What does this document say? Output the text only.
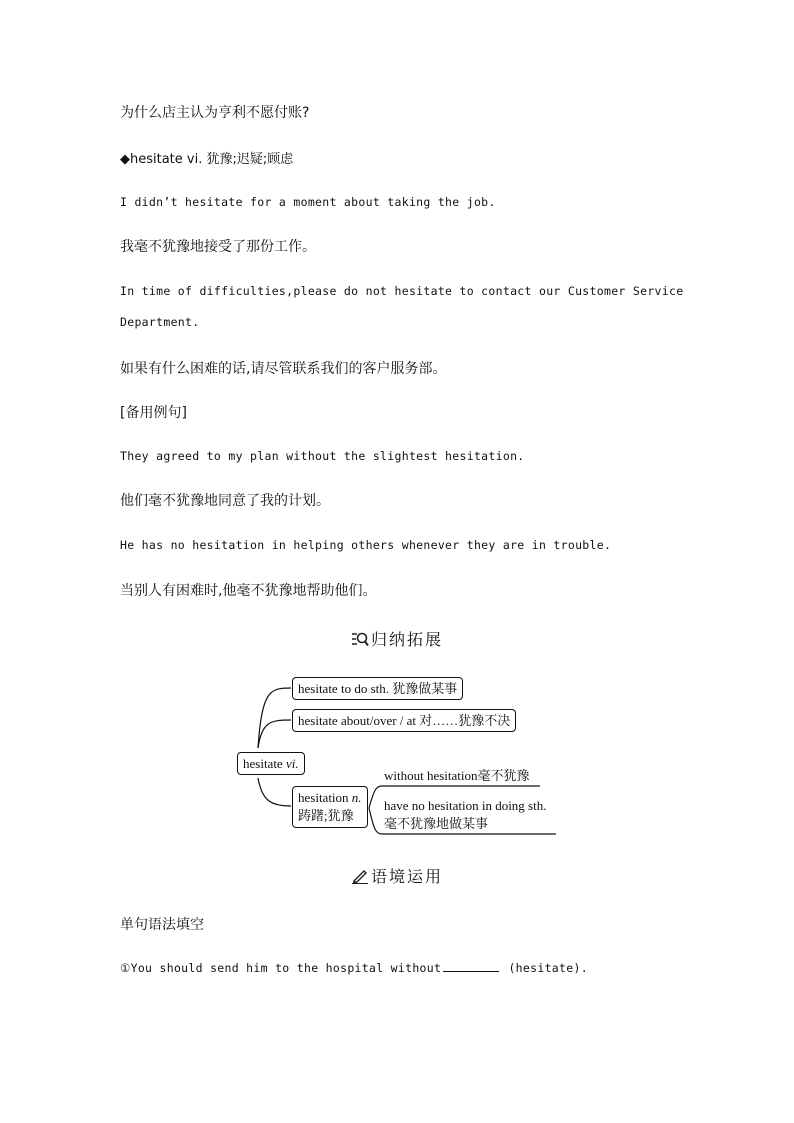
为什么店主认为亨利不愿付账?
◆hesitate vi. 犹豫;迟疑;顾虑
I didn’t hesitate for a moment about taking the job.
我毫不犹豫地接受了那份工作。
In time of difficulties,please do not hesitate to contact our Customer Service
Department.
如果有什么困难的话,请尽管联系我们的客户服务部。
[备用例句]
They agreed to my plan without the slightest hesitation.
他们毫不犹豫地同意了我的计划。
He has no hesitation in helping others whenever they are in trouble.
当别人有困难时,他毫不犹豫地帮助他们。
归纳拓展
hesitate vi.
hesitate to do sth. 犹豫做某事
hesitate about/over / at 对……犹豫不决
hesitation n.
踌躇;犹豫
without hesitation毫不犹豫
have no hesitation in doing sth.
毫不犹豫地做某事
语境运用
单句语法填空
①You should send him to the hospital without	(hesitate).
